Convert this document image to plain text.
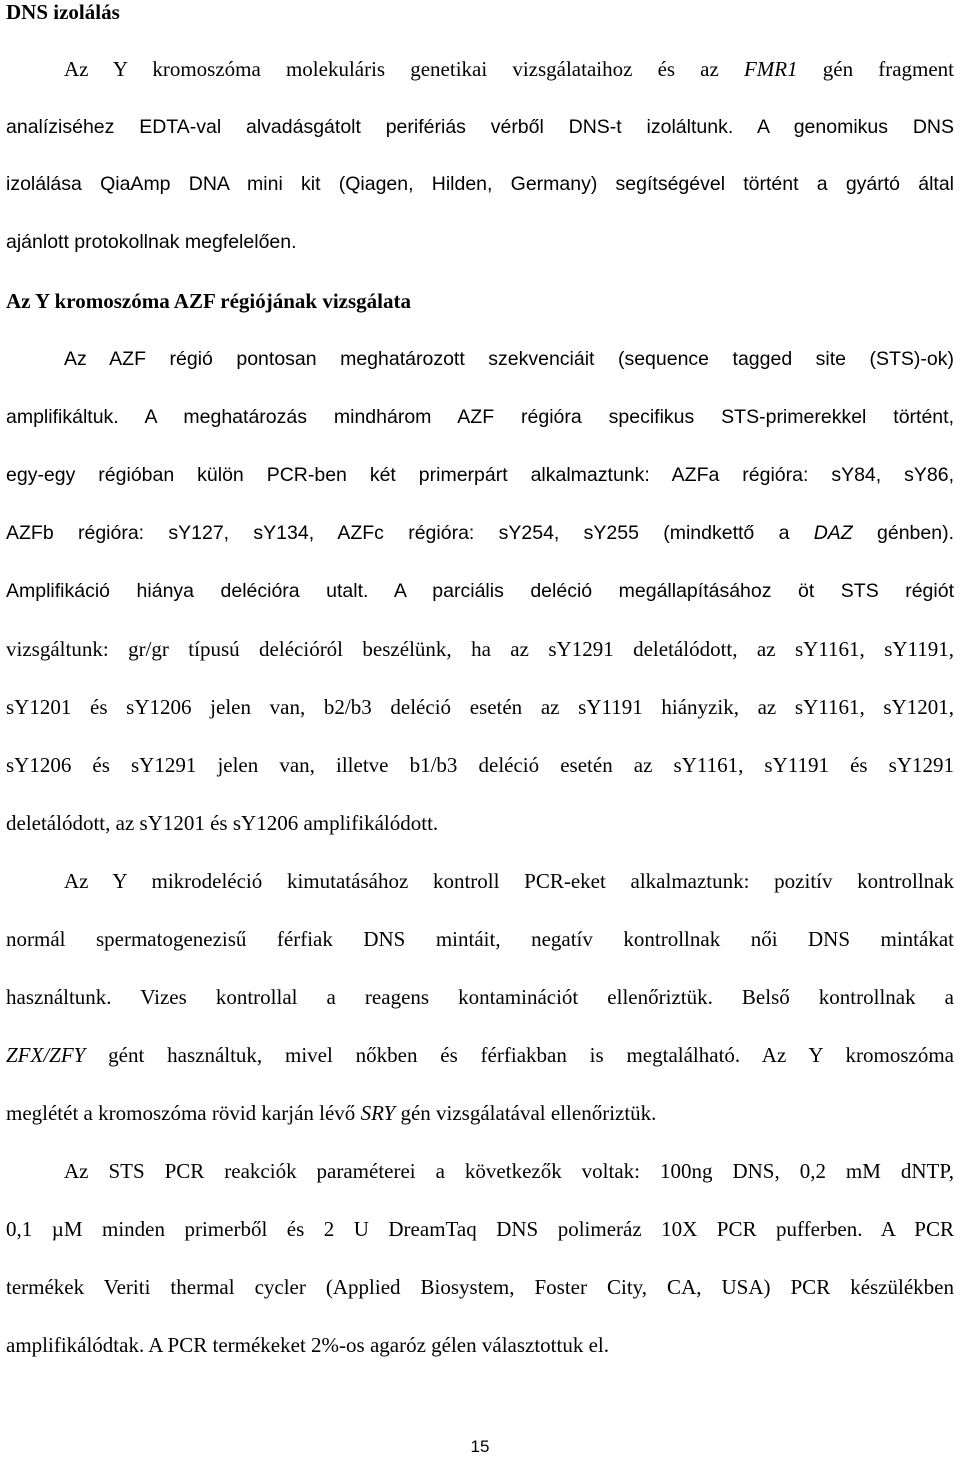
DNS izolálás
Az Y kromoszóma molekuláris genetikai vizsgálataihoz és az FMR1 gén fragment
analíziséhez EDTA-val alvadásgátolt perifériás vérből DNS-t izoláltunk. A genomikus DNS
izolálása QiaAmp DNA mini kit (Qiagen, Hilden, Germany) segítségével történt a gyártó által
ajánlott protokollnak megfelelően.
Az Y kromoszóma AZF régiójának vizsgálata
Az AZF régió pontosan meghatározott szekvenciáit (sequence tagged site (STS)-ok)
amplifikáltuk. A meghatározás mindhárom AZF régióra specifikus STS-primerekkel történt,
egy-egy régióban külön PCR-ben két primerpárt alkalmaztunk: AZFa régióra: sY84, sY86,
AZFb régióra: sY127, sY134, AZFc régióra: sY254, sY255 (mindkettő a DAZ génben).
Amplifikáció hiánya delécióra utalt. A parciális deléció megállapításához öt STS régiót
vizsgáltunk: gr/gr típusú delécióról beszélünk, ha az sY1291 deletálódott, az sY1161, sY1191,
sY1201 és sY1206 jelen van, b2/b3 deléció esetén az sY1191 hiányzik, az sY1161, sY1201,
sY1206 és sY1291 jelen van, illetve b1/b3 deléció esetén az sY1161, sY1191 és sY1291
deletálódott, az sY1201 és sY1206 amplifikálódott.
Az Y mikrodeléció kimutatásához kontroll PCR-eket alkalmaztunk: pozitív kontrollnak
normál spermatogenezisű férfiak DNS mintáit, negatív kontrollnak női DNS mintákat
használtunk. Vizes kontrollal a reagens kontaminációt ellenőriztük. Belső kontrollnak a
ZFX/ZFY gént használtuk, mivel nőkben és férfiakban is megtalálható. Az Y kromoszóma
meglétét a kromoszóma rövid karján lévő SRY gén vizsgálatával ellenőriztük.
Az STS PCR reakciók paraméterei a következők voltak: 100ng DNS, 0,2 mM dNTP,
0,1 µM minden primerből és 2 U DreamTaq DNS polimeráz 10X PCR pufferben. A PCR
termékek Veriti thermal cycler (Applied Biosystem, Foster City, CA, USA) PCR készülékben
amplifikálódtak. A PCR termékeket 2%-os agaróz gélen választottuk el.
15
